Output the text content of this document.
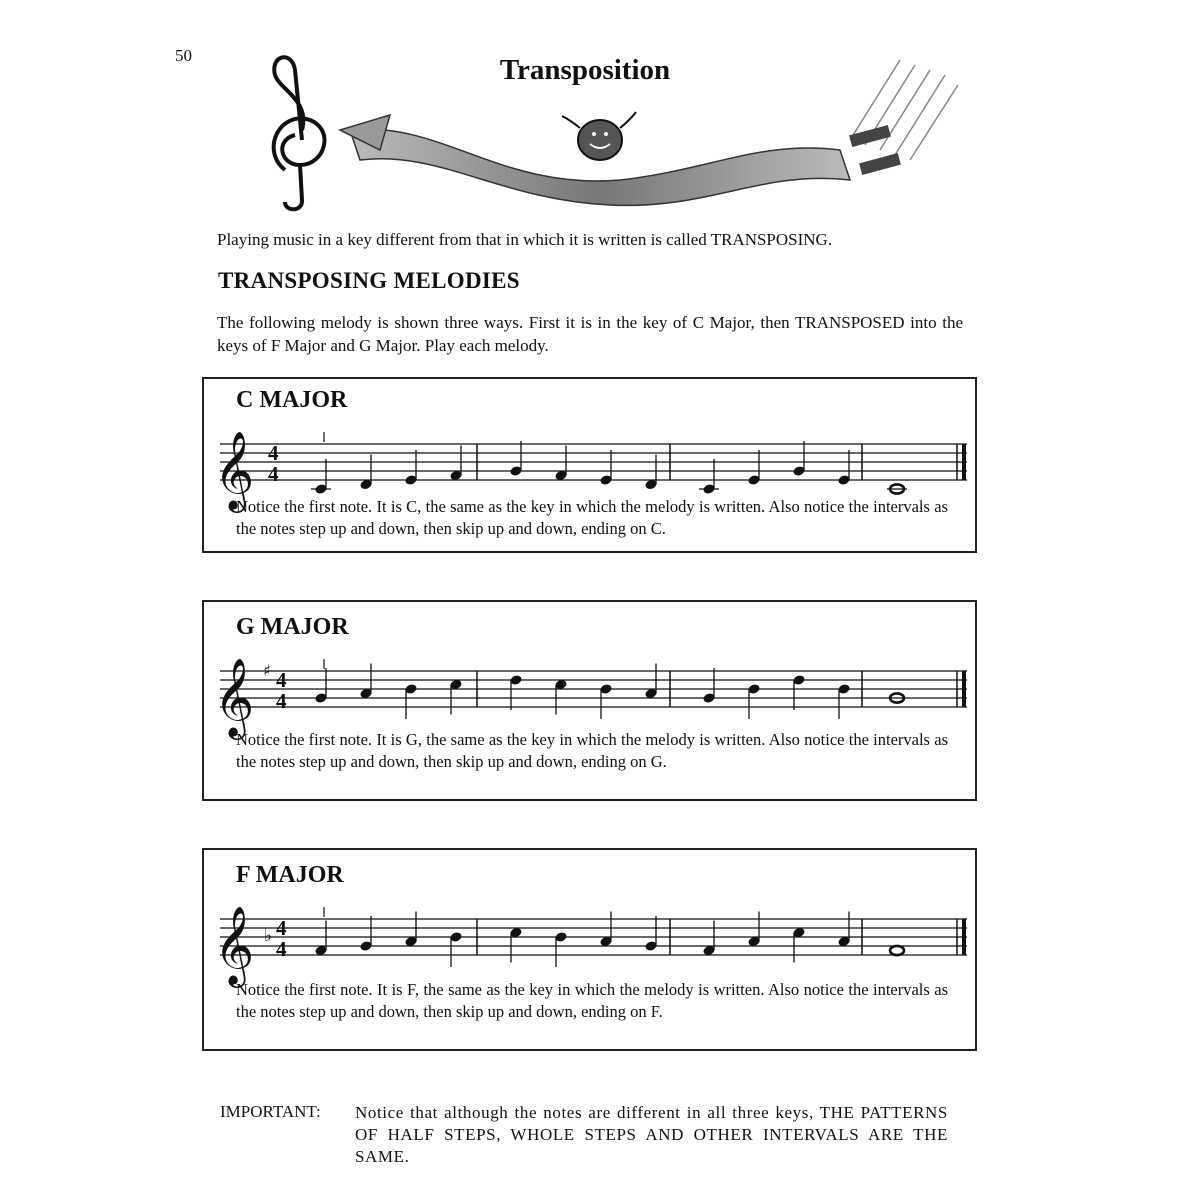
50	Transposition
Playing music in a key different from that in which it is written is called TRANSPOSING.
TRANSPOSING MELODIES
The following melody is shown three ways. First it is in the key of C Major, then TRANSPOSED into the keys of F Major and G Major. Play each melody.
C MAJOR
𝄞 4
4
Notice the first note. It is C, the same as the key in which the melody is written. Also notice the intervals as the notes step up and down, then skip up and down, ending on C.
G MAJOR
𝄞 ♯ 4
4
Notice the first note. It is G, the same as the key in which the melody is written. Also notice the intervals as the notes step up and down, then skip up and down, ending on G.
F MAJOR
𝄞 ♭ 4
4
Notice the first note. It is F, the same as the key in which the melody is written. Also notice the intervals as the notes step up and down, then skip up and down, ending on F.
IMPORTANT: Notice that although the notes are different in all three keys, THE PATTERNS OF HALF STEPS, WHOLE STEPS AND OTHER INTERVALS ARE THE SAME.
